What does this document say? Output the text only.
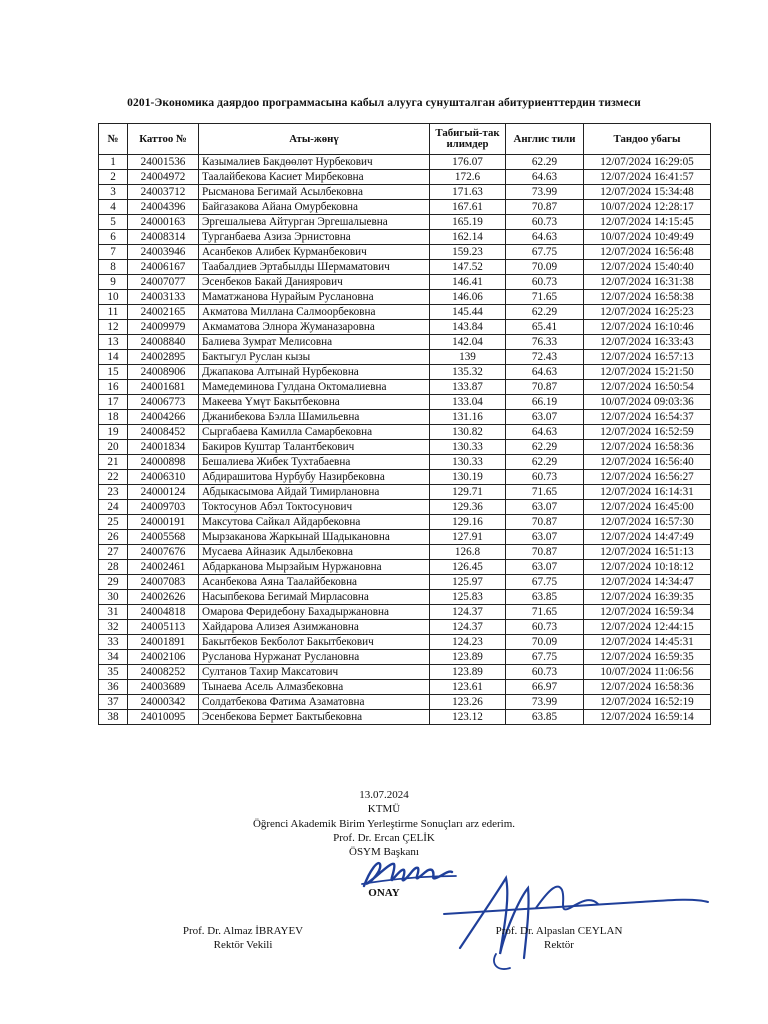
0201-Экономика даярдоо программасына кабыл алууга сунушталган абитуриенттердин тизмеси
№	Каттоо №	Аты-жөнү	Табигый-так илимдер	Англис тили	Тандоо убагы
1	24001536	Казымалиев Бакдөөлөт Нурбекович	176.07	62.29	12/07/2024 16:29:05
2	24004972	Таалайбекова Касиет Мирбековна	172.6	64.63	12/07/2024 16:41:57
3	24003712	Рысманова Бегимай Асылбековна	171.63	73.99	12/07/2024 15:34:48
4	24004396	Байгазакова Айана Омурбековна	167.61	70.87	10/07/2024 12:28:17
5	24000163	Эргешалыева Айтурган Эргешалыевна	165.19	60.73	12/07/2024 14:15:45
6	24008314	Турганбаева Азиза Эрнистовна	162.14	64.63	10/07/2024 10:49:49
7	24003946	Асанбеков Алибек Курманбекович	159.23	67.75	12/07/2024 16:56:48
8	24006167	Таабалдиев Эртабылды Шермаматович	147.52	70.09	12/07/2024 15:40:40
9	24007077	Эсенбеков Бакай Даниярович	146.41	60.73	12/07/2024 16:31:38
10	24003133	Маматжанова Нурайым Руслановна	146.06	71.65	12/07/2024 16:58:38
11	24002165	Акматова Миллана Салмоорбековна	145.44	62.29	12/07/2024 16:25:23
12	24009979	Акмаматова Элнора Жуманазаровна	143.84	65.41	12/07/2024 16:10:46
13	24008840	Балиева Зумрат Мелисовна	142.04	76.33	12/07/2024 16:33:43
14	24002895	Бактыгул Руслан кызы	139	72.43	12/07/2024 16:57:13
15	24008906	Джапакова Алтынай Нурбековна	135.32	64.63	12/07/2024 15:21:50
16	24001681	Мамедеминова Гулдана Октомалиевна	133.87	70.87	12/07/2024 16:50:54
17	24006773	Макеева Үмүт Бакытбековна	133.04	66.19	10/07/2024 09:03:36
18	24004266	Джанибекова Бэлла Шамильевна	131.16	63.07	12/07/2024 16:54:37
19	24008452	Сыргабаева Камилла Самарбековна	130.82	64.63	12/07/2024 16:52:59
20	24001834	Бакиров Куштар Талантбекович	130.33	62.29	12/07/2024 16:58:36
21	24000898	Бешалиева Жибек Тухтабаевна	130.33	62.29	12/07/2024 16:56:40
22	24006310	Абдирашитова Нурбубу Назирбековна	130.19	60.73	12/07/2024 16:56:27
23	24000124	Абдыкасымова Айдай Тимирлановна	129.71	71.65	12/07/2024 16:14:31
24	24009703	Токтосунов Абэл Токтосунович	129.36	63.07	12/07/2024 16:45:00
25	24000191	Максутова Сайкал Айдарбековна	129.16	70.87	12/07/2024 16:57:30
26	24005568	Мырзаканова Жаркынай Шадыкановна	127.91	63.07	12/07/2024 14:47:49
27	24007676	Мусаева Айназик Адылбековна	126.8	70.87	12/07/2024 16:51:13
28	24002461	Абдарканова Мырзайым Нуржановна	126.45	63.07	12/07/2024 10:18:12
29	24007083	Асанбекова Аяна Таалайбековна	125.97	67.75	12/07/2024 14:34:47
30	24002626	Насыпбекова Бегимай Мирласовна	125.83	63.85	12/07/2024 16:39:35
31	24004818	Омарова Феридебону Бахадыржановна	124.37	71.65	12/07/2024 16:59:34
32	24005113	Хайдарова Ализея Азимжановна	124.37	60.73	12/07/2024 12:44:15
33	24001891	Бакытбеков Бекболот Бакытбекович	124.23	70.09	12/07/2024 14:45:31
34	24002106	Русланова Нуржанат Руслановна	123.89	67.75	12/07/2024 16:59:35
35	24008252	Султанов Тахир Максатович	123.89	60.73	10/07/2024 11:06:56
36	24003689	Тынаева Асель Алмазбековна	123.61	66.97	12/07/2024 16:58:36
37	24000342	Солдатбекова Фатима Азаматовна	123.26	73.99	12/07/2024 16:52:19
38	24010095	Эсенбекова Бермет Бактыбековна	123.12	63.85	12/07/2024 16:59:14
13.07.2024
KTMÜ
Öğrenci Akademik Birim Yerleştirme Sonuçları arz ederim.
Prof. Dr. Ercan ÇELİK
ÖSYM Başkanı
ONAY
Prof. Dr. Almaz İBRAYEV
Rektör Vekili
Prof. Dr. Alpaslan CEYLAN
Rektör
